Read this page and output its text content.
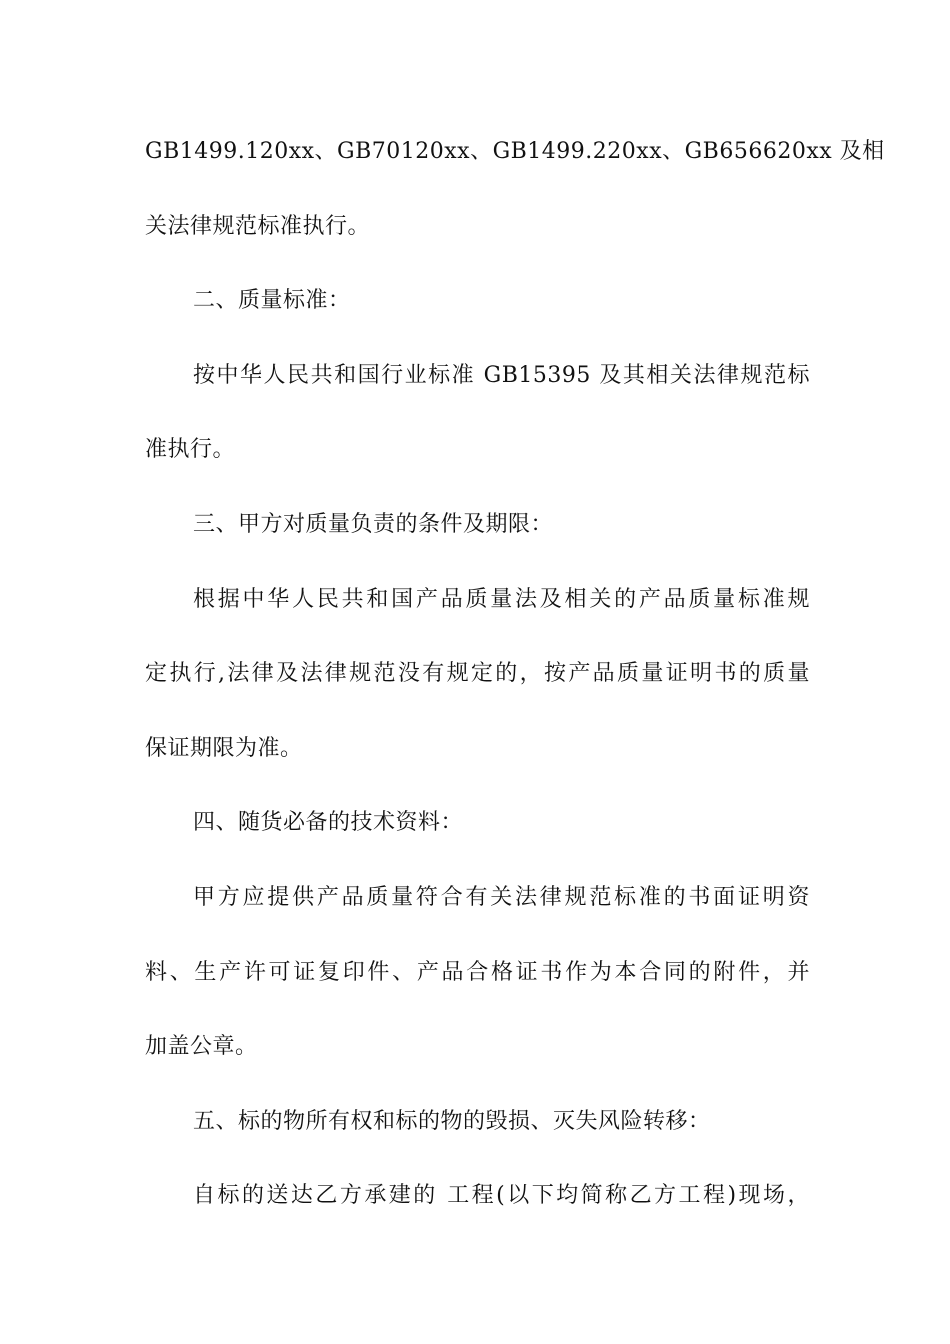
GB1499.120xx、GB70120xx、GB1499.220xx、GB656620xx 及相
关法律规范标准执行。
二、质量标准：
按中华人民共和国行业标准 GB15395 及其相关法律规范标
准执行。
三、甲方对质量负责的条件及期限：
根据中华人民共和国产品质量法及相关的产品质量标准规
定执行,法律及法律规范没有规定的，按产品质量证明书的质量
保证期限为准。
四、随货必备的技术资料：
甲方应提供产品质量符合有关法律规范标准的书面证明资
料、生产许可证复印件、产品合格证书作为本合同的附件，并
加盖公章。
五、标的物所有权和标的物的毁损、灭失风险转移：
自标的送达乙方承建的 工程(以下均简称乙方工程)现场，
